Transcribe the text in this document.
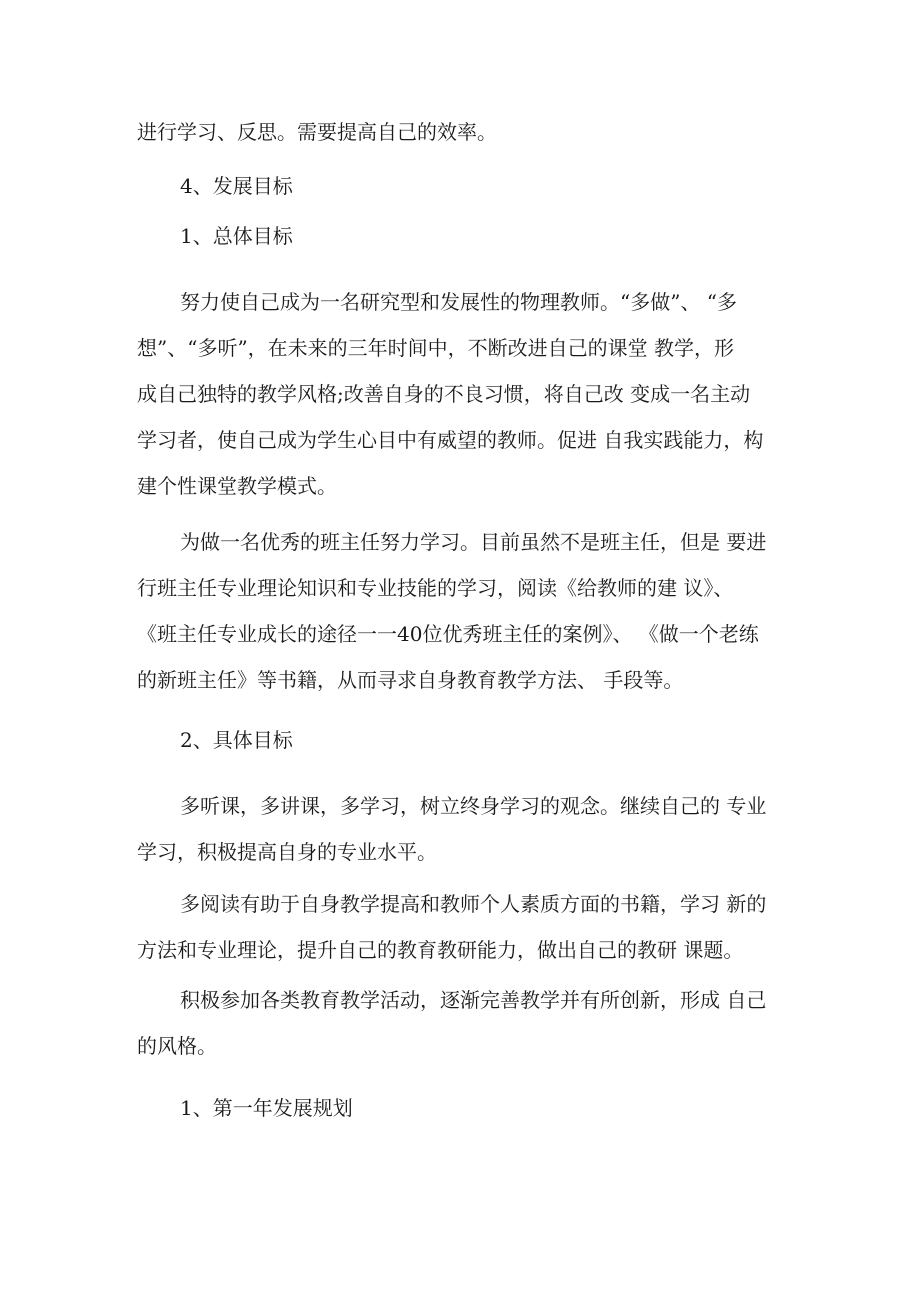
进行学习、反思。需要提高自己的效率。
4、发展目标
1、总体目标
努力使自己成为一名研究型和发展性的物理教师。“多做”、 “多
想”、“多听”，在未来的三年时间中，不断改进自己的课堂 教学，形
成自己独特的教学风格;改善自身的不良习惯，将自己改 变成一名主动
学习者，使自己成为学生心目中有威望的教师。促进 自我实践能力，构
建个性课堂教学模式。
为做一名优秀的班主任努力学习。目前虽然不是班主任，但是 要进
行班主任专业理论知识和专业技能的学习，阅读《给教师的建 议》、
《班主任专业成长的途径一一40位优秀班主任的案例》、 《做一个老练
的新班主任》等书籍，从而寻求自身教育教学方法、 手段等。
2、具体目标
多听课，多讲课，多学习，树立终身学习的观念。继续自己的 专业
学习，积极提高自身的专业水平。
多阅读有助于自身教学提高和教师个人素质方面的书籍，学习 新的
方法和专业理论，提升自己的教育教研能力，做出自己的教研 课题。
积极参加各类教育教学活动，逐渐完善教学并有所创新，形成 自己
的风格。
1、第一年发展规划
